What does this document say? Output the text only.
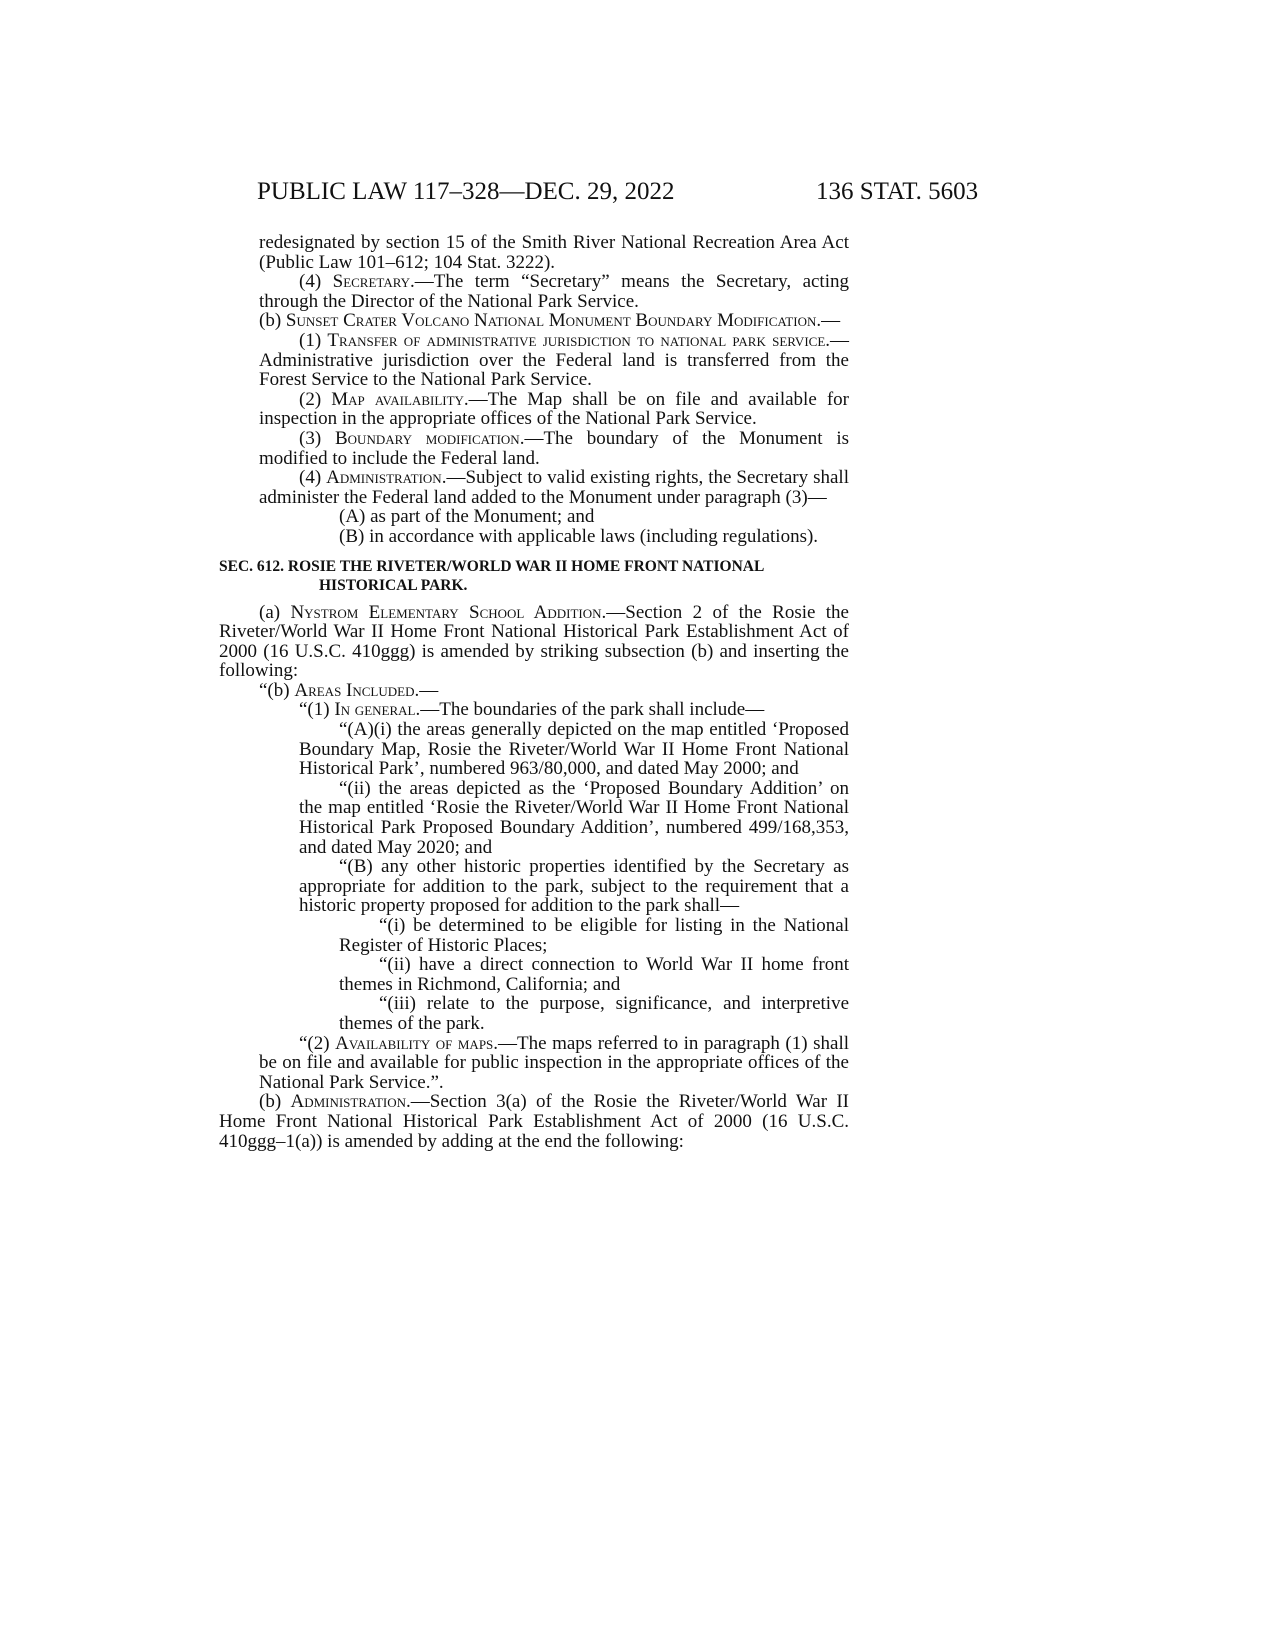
PUBLIC LAW 117–328—DEC. 29, 2022	136 STAT. 5603

redesignated by section 15 of the Smith River National Recreation Area Act (Public Law 101–612; 104 Stat. 3222).

(4) Secretary.—The term “Secretary” means the Secretary, acting through the Director of the National Park Service.

(b) Sunset Crater Volcano National Monument Boundary Modification.—

(1) Transfer of administrative jurisdiction to national park service.—Administrative jurisdiction over the Federal land is transferred from the Forest Service to the National Park Service.

(2) Map availability.—The Map shall be on file and available for inspection in the appropriate offices of the National Park Service.

(3) Boundary modification.—The boundary of the Monument is modified to include the Federal land.

(4) Administration.—Subject to valid existing rights, the Secretary shall administer the Federal land added to the Monument under paragraph (3)—

(A) as part of the Monument; and

(B) in accordance with applicable laws (including regulations).

SEC. 612. ROSIE THE RIVETER/WORLD WAR II HOME FRONT NATIONAL HISTORICAL PARK.

(a) Nystrom Elementary School Addition.—Section 2 of the Rosie the Riveter/World War II Home Front National Historical Park Establishment Act of 2000 (16 U.S.C. 410ggg) is amended by striking subsection (b) and inserting the following:

“(b) Areas Included.—

“(1) In general.—The boundaries of the park shall include—

“(A)(i) the areas generally depicted on the map entitled ‘Proposed Boundary Map, Rosie the Riveter/World War II Home Front National Historical Park’, numbered 963/80,000, and dated May 2000; and

“(ii) the areas depicted as the ‘Proposed Boundary Addition’ on the map entitled ‘Rosie the Riveter/World War II Home Front National Historical Park Proposed Boundary Addition’, numbered 499/168,353, and dated May 2020; and

“(B) any other historic properties identified by the Secretary as appropriate for addition to the park, subject to the requirement that a historic property proposed for addition to the park shall—

“(i) be determined to be eligible for listing in the National Register of Historic Places;

“(ii) have a direct connection to World War II home front themes in Richmond, California; and

“(iii) relate to the purpose, significance, and interpretive themes of the park.

“(2) Availability of maps.—The maps referred to in paragraph (1) shall be on file and available for public inspection in the appropriate offices of the National Park Service.”.

(b) Administration.—Section 3(a) of the Rosie the Riveter/World War II Home Front National Historical Park Establishment Act of 2000 (16 U.S.C. 410ggg–1(a)) is amended by adding at the end the following:
